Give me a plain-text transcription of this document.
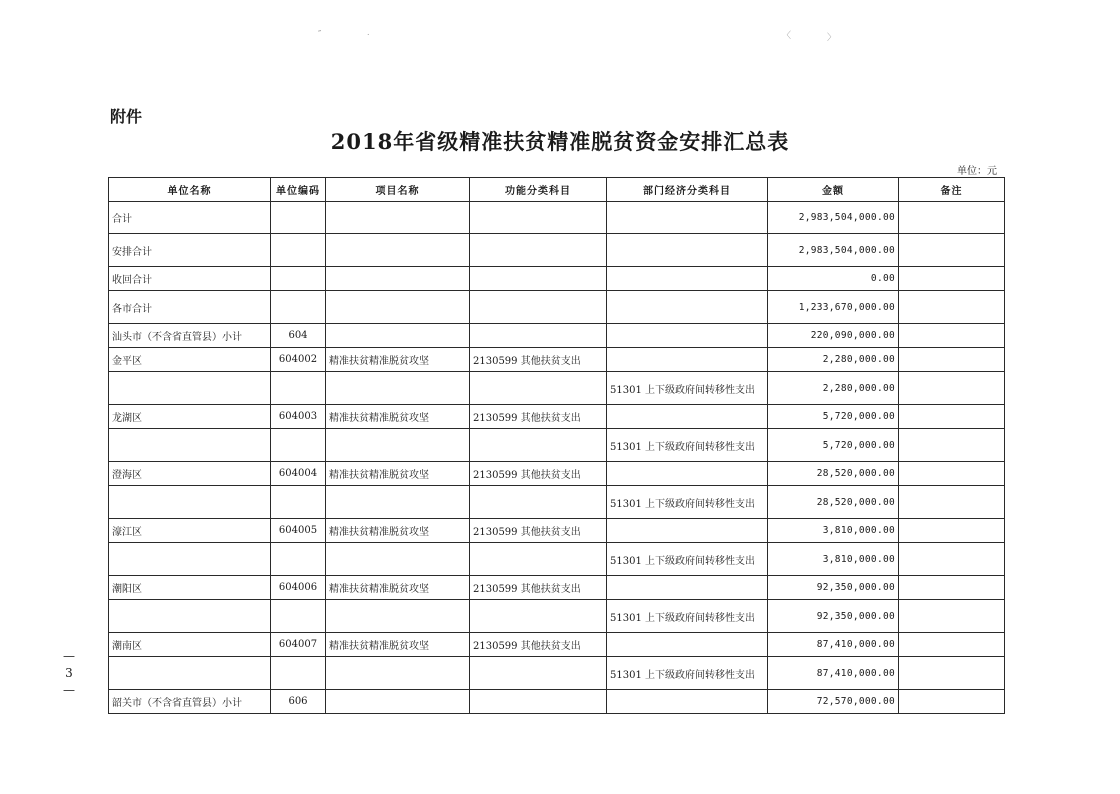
″	˙	〈	〉
附件
2018年省级精准扶贫精准脱贫资金安排汇总表
单位：元
—
3
—
单位名称	单位编码	项目名称	功能分类科目	部门经济分类科目	金额	备注
合计					2,983,504,000.00	
安排合计					2,983,504,000.00	
收回合计					0.00	
各市合计					1,233,670,000.00	
汕头市（不含省直管县）小计	604				220,090,000.00	
金平区	604002	精准扶贫精准脱贫攻坚	2130599 其他扶贫支出		2,280,000.00	
				51301 上下级政府间转移性支出	2,280,000.00	
龙湖区	604003	精准扶贫精准脱贫攻坚	2130599 其他扶贫支出		5,720,000.00	
				51301 上下级政府间转移性支出	5,720,000.00	
澄海区	604004	精准扶贫精准脱贫攻坚	2130599 其他扶贫支出		28,520,000.00	
				51301 上下级政府间转移性支出	28,520,000.00	
濠江区	604005	精准扶贫精准脱贫攻坚	2130599 其他扶贫支出		3,810,000.00	
				51301 上下级政府间转移性支出	3,810,000.00	
潮阳区	604006	精准扶贫精准脱贫攻坚	2130599 其他扶贫支出		92,350,000.00	
				51301 上下级政府间转移性支出	92,350,000.00	
潮南区	604007	精准扶贫精准脱贫攻坚	2130599 其他扶贫支出		87,410,000.00	
				51301 上下级政府间转移性支出	87,410,000.00	
韶关市（不含省直管县）小计	606				72,570,000.00	
